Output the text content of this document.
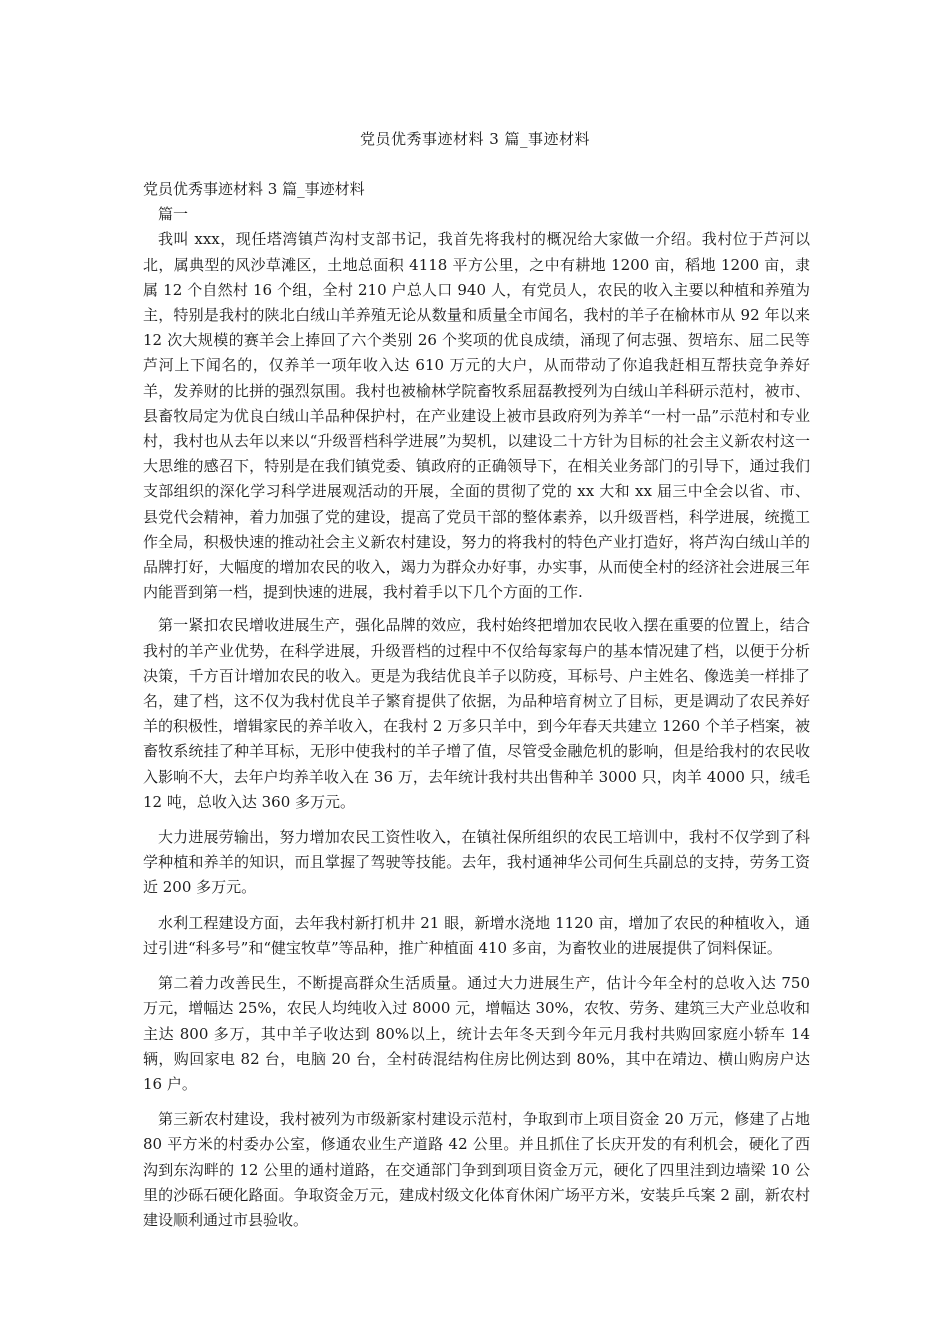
党员优秀事迹材料 3 篇_事迹材料

党员优秀事迹材料 3 篇_事迹材料

篇一

我叫 xxx，现任塔湾镇芦沟村支部书记，我首先将我村的概况给大家做一介绍。我村位于芦河以北，属典型的风沙草滩区，土地总面积 4118 平方公里，之中有耕地 1200 亩，稻地 1200 亩，隶属 12 个自然村 16 个组，全村 210 户总人口 940 人，有党员人，农民的收入主要以种植和养殖为主，特别是我村的陕北白绒山羊养殖无论从数量和质量全市闻名，我村的羊子在榆林市从 92 年以来 12 次大规模的赛羊会上捧回了六个类别 26 个奖项的优良成绩，涌现了何志强、贺培东、屈二民等芦河上下闻名的，仅养羊一项年收入达 610 万元的大户，从而带动了你追我赶相互帮扶竞争养好羊，发养财的比拼的强烈氛围。我村也被榆林学院畜牧系屈磊教授列为白绒山羊科研示范村，被市、县畜牧局定为优良白绒山羊品种保护村，在产业建设上被市县政府列为养羊“一村一品”示范村和专业村，我村也从去年以来以“升级晋档科学进展”为契机，以建设二十方针为目标的社会主义新农村这一大思维的感召下，特别是在我们镇党委、镇政府的正确领导下，在相关业务部门的引导下，通过我们支部组织的深化学习科学进展观活动的开展，全面的贯彻了党的 xx 大和 xx 届三中全会以省、市、县党代会精神，着力加强了党的建设，提高了党员干部的整体素养，以升级晋档，科学进展，统揽工作全局，积极快速的推动社会主义新农村建设，努力的将我村的特色产业打造好，将芦沟白绒山羊的品牌打好，大幅度的增加农民的收入，竭力为群众办好事，办实事，从而使全村的经济社会进展三年内能晋到第一档，提到快速的进展，我村着手以下几个方面的工作.

第一紧扣农民增收进展生产，强化品牌的效应，我村始终把增加农民收入摆在重要的位置上，结合我村的羊产业优势，在科学进展，升级晋档的过程中不仅给每家每户的基本情况建了档，以便于分析决策，千方百计增加农民的收入。更是为我结优良羊子以防疫，耳标号、户主姓名、像选美一样排了名，建了档，这不仅为我村优良羊子繁育提供了依据，为品种培育树立了目标，更是调动了农民养好羊的积极性，增辑家民的养羊收入，在我村 2 万多只羊中，到今年春天共建立 1260 个羊子档案，被畜牧系统挂了种羊耳标，无形中使我村的羊子增了值，尽管受金融危机的影响，但是给我村的农民收入影响不大，去年户均养羊收入在 36 万，去年统计我村共出售种羊 3000 只，肉羊 4000 只，绒毛 12 吨，总收入达 360 多万元。

大力进展劳输出，努力增加农民工资性收入，在镇社保所组织的农民工培训中，我村不仅学到了科学种植和养羊的知识，而且掌握了驾驶等技能。去年，我村通神华公司何生兵副总的支持，劳务工资近 200 多万元。

水利工程建设方面，去年我村新打机井 21 眼，新增水浇地 1120 亩，增加了农民的种植收入，通过引进“科多号”和“健宝牧草”等品种，推广种植面 410 多亩，为畜牧业的进展提供了饲料保证。

第二着力改善民生，不断提高群众生活质量。通过大力进展生产，估计今年全村的总收入达 750 万元，增幅达 25%，农民人均纯收入过 8000 元，增幅达 30%，农牧、劳务、建筑三大产业总收和主达 800 多万，其中羊子收达到 80%以上，统计去年冬天到今年元月我村共购回家庭小轿车 14 辆，购回家电 82 台，电脑 20 台，全村砖混结构住房比例达到 80%，其中在靖边、横山购房户达 16 户。

第三新农村建设，我村被列为市级新家村建设示范村，争取到市上项目资金 20 万元，修建了占地 80 平方米的村委办公室，修通农业生产道路 42 公里。并且抓住了长庆开发的有利机会，硬化了西沟到东沟畔的 12 公里的通村道路，在交通部门争到到项目资金万元，硬化了四里洼到边墙梁 10 公里的沙砾石硬化路面。争取资金万元，建成村级文化体育休闲广场平方米，安装乒乓案 2 副，新农村建设顺利通过市县验收。
